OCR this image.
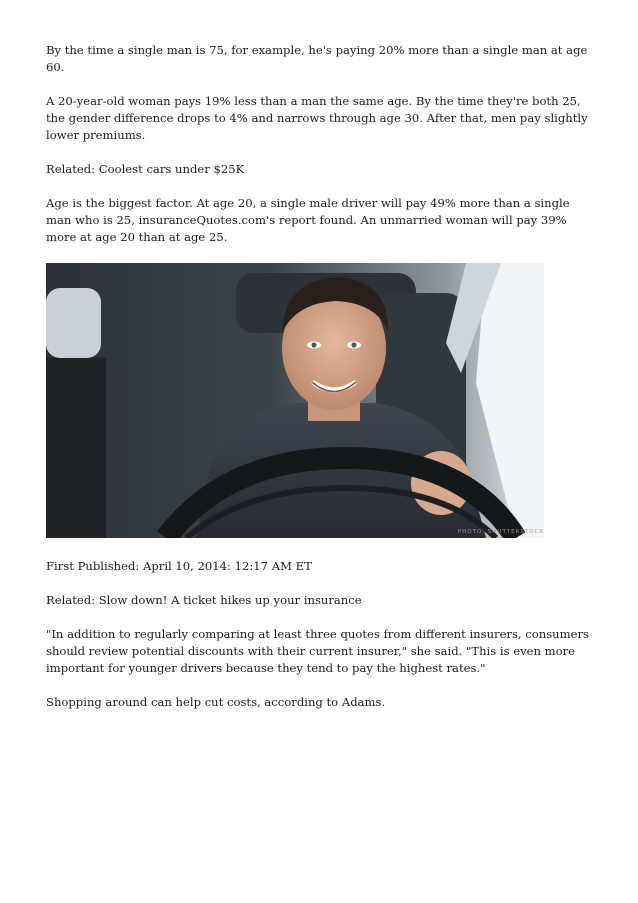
By the time a single man is 75, for example, he's paying 20% more than a single man at age 60.

A 20-year-old woman pays 19% less than a man the same age. By the time they're both 25, the gender difference drops to 4% and narrows through age 30. After that, men pay slightly lower premiums.

Related: Coolest cars under $25K

Age is the biggest factor. At age 20, a single male driver will pay 49% more than a single man who is 25, insuranceQuotes.com's report found. An unmarried woman will pay 39% more at age 20 than at age 25.

PHOTO: SHUTTERSTOCK

First Published: April 10, 2014: 12:17 AM ET

Related: Slow down! A ticket hikes up your insurance

"In addition to regularly comparing at least three quotes from different insurers, consumers should review potential discounts with their current insurer," she said. "This is even more important for younger drivers because they tend to pay the highest rates."

Shopping around can help cut costs, according to Adams.
